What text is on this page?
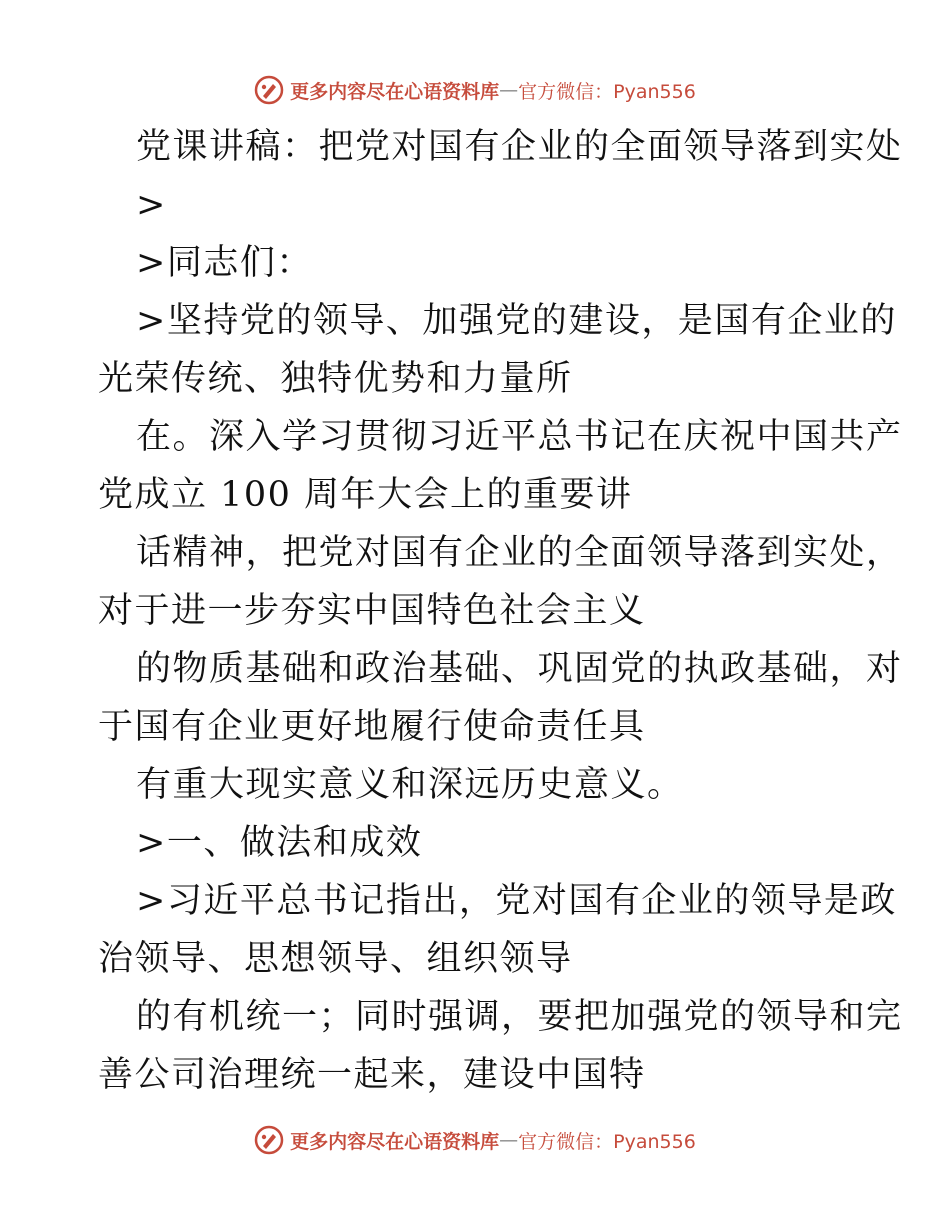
更多内容尽在心语资料库 — 官方微信：Pyan556
党课讲稿：把党对国有企业的全面领导落到实处
>
>同志们：
>坚持党的领导、加强党的建设，是国有企业的
光荣传统、独特优势和力量所
在。深入学习贯彻习近平总书记在庆祝中国共产
党成立 100 周年大会上的重要讲
话精神，把党对国有企业的全面领导落到实处，
对于进一步夯实中国特色社会主义
的物质基础和政治基础、巩固党的执政基础，对
于国有企业更好地履行使命责任具
有重大现实意义和深远历史意义。
>一、做法和成效
>习近平总书记指出，党对国有企业的领导是政
治领导、思想领导、组织领导
的有机统一；同时强调，要把加强党的领导和完
善公司治理统一起来，建设中国特
更多内容尽在心语资料库 — 官方微信：Pyan556
